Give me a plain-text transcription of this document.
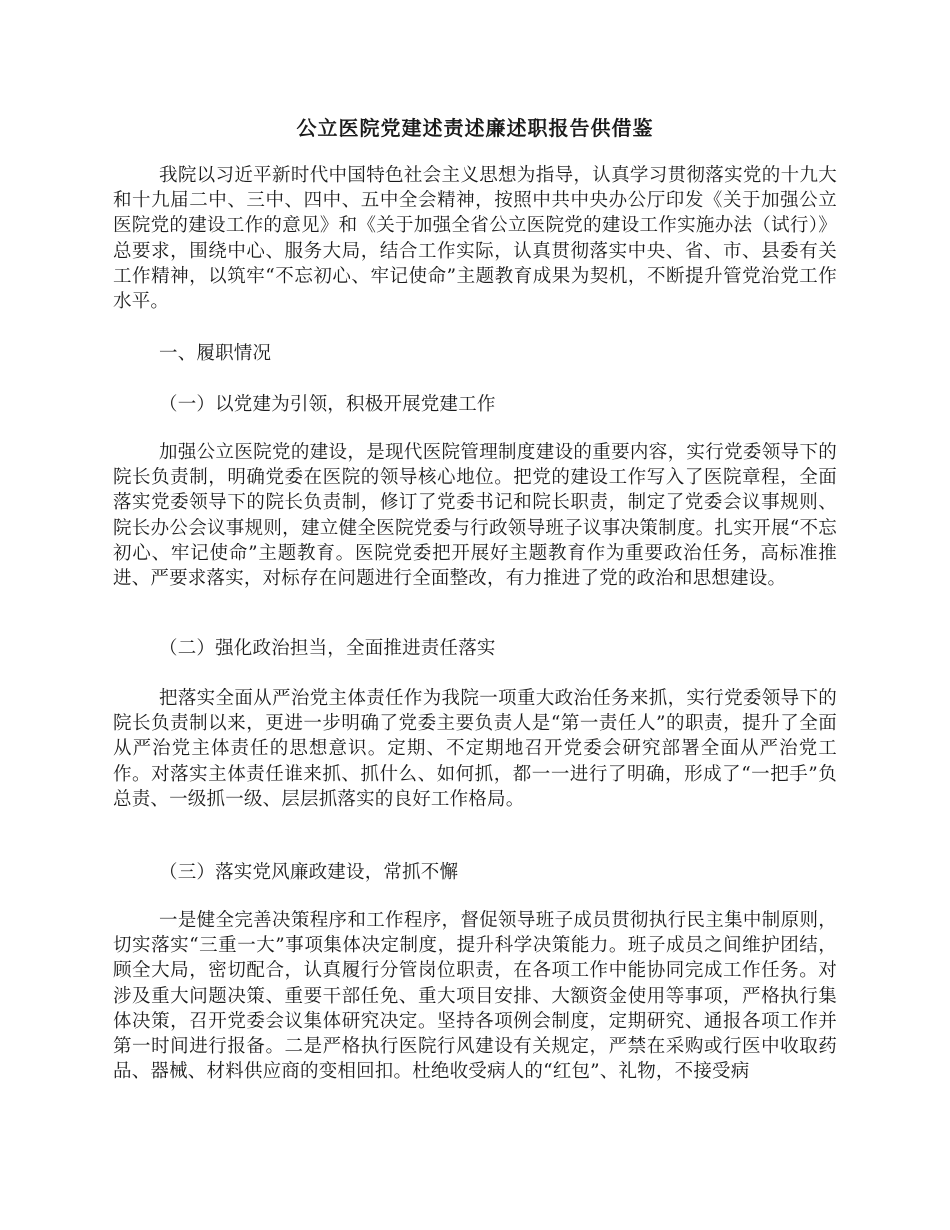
公立医院党建述责述廉述职报告供借鉴
我院以习近平新时代中国特色社会主义思想为指导，认真学习贯彻落实党的十九大和十九届二中、三中、四中、五中全会精神，按照中共中央办公厅印发《关于加强公立医院党的建设工作的意见》和《关于加强全省公立医院党的建设工作实施办法（试行）》总要求，围绕中心、服务大局，结合工作实际，认真贯彻落实中央、省、市、县委有关工作精神，以筑牢“不忘初心、牢记使命”主题教育成果为契机，不断提升管党治党工作水平。
一、履职情况
（一）以党建为引领，积极开展党建工作
加强公立医院党的建设，是现代医院管理制度建设的重要内容，实行党委领导下的院长负责制，明确党委在医院的领导核心地位。把党的建设工作写入了医院章程，全面落实党委领导下的院长负责制，修订了党委书记和院长职责，制定了党委会议事规则、院长办公会议事规则，建立健全医院党委与行政领导班子议事决策制度。扎实开展“不忘初心、牢记使命”主题教育。医院党委把开展好主题教育作为重要政治任务，高标准推进、严要求落实，对标存在问题进行全面整改，有力推进了党的政治和思想建设。
（二）强化政治担当，全面推进责任落实
把落实全面从严治党主体责任作为我院一项重大政治任务来抓，实行党委领导下的院长负责制以来，更进一步明确了党委主要负责人是“第一责任人”的职责，提升了全面从严治党主体责任的思想意识。定期、不定期地召开党委会研究部署全面从严治党工作。对落实主体责任谁来抓、抓什么、如何抓，都一一进行了明确，形成了“一把手”负总责、一级抓一级、层层抓落实的良好工作格局。
（三）落实党风廉政建设，常抓不懈
一是健全完善决策程序和工作程序，督促领导班子成员贯彻执行民主集中制原则，切实落实“三重一大”事项集体决定制度，提升科学决策能力。班子成员之间维护团结，顾全大局，密切配合，认真履行分管岗位职责，在各项工作中能协同完成工作任务。对涉及重大问题决策、重要干部任免、重大项目安排、大额资金使用等事项，严格执行集体决策，召开党委会议集体研究决定。坚持各项例会制度，定期研究、通报各项工作并第一时间进行报备。二是严格执行医院行风建设有关规定，严禁在采购或行医中收取药品、器械、材料供应商的变相回扣。杜绝收受病人的“红包”、礼物，不接受病
